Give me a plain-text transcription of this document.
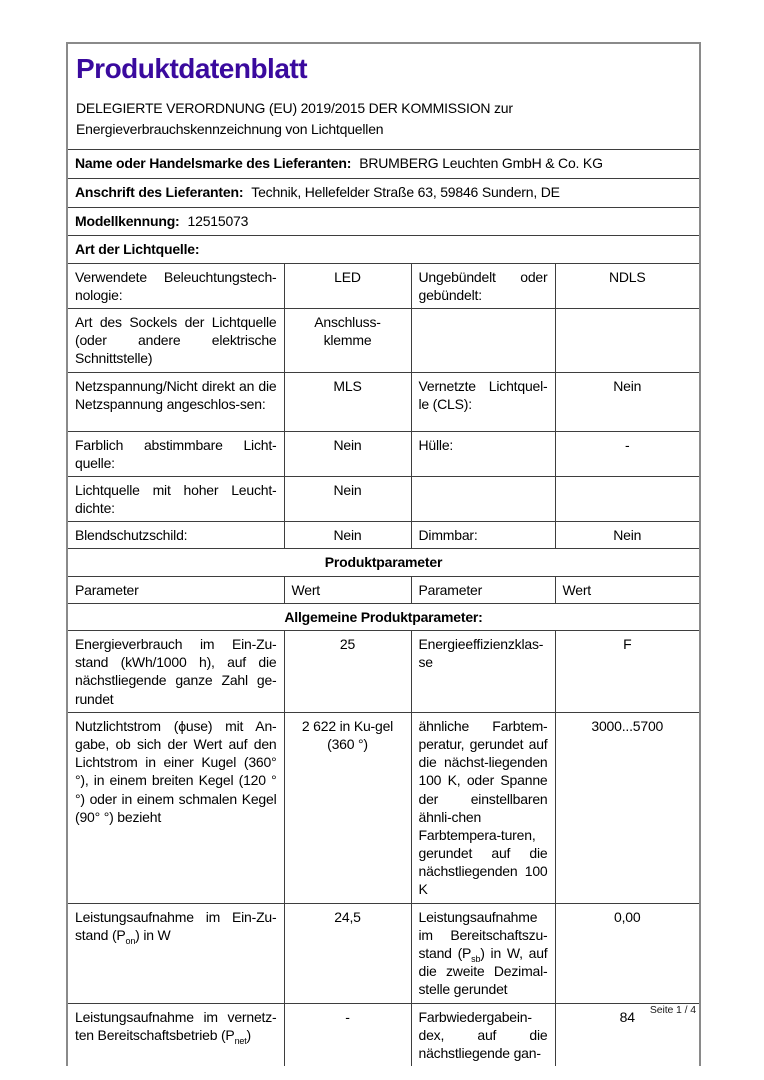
Produktdatenblatt
DELEGIERTE VERORDNUNG (EU) 2019/2015 DER KOMMISSION zur Energieverbrauchskennzeichnung von Lichtquellen

Name oder Handelsmarke des Lieferanten: BRUMBERG Leuchten GmbH & Co. KG			
Anschrift des Lieferanten: Technik, Hellefelder Straße 63, 59846 Sundern, DE			
Modellkennung: 12515073			
Art der Lichtquelle:			
Verwendete Beleuchtungstech-nologie:	LED	Ungebündelt oder gebündelt:	NDLS
Art des Sockels der Lichtquelle (oder andere elektrische Schnittstelle)	Anschluss-klemme		
Netzspannung/Nicht direkt an die Netzspannung angeschlos-sen:	MLS	Vernetzte Lichtquel-le (CLS):	Nein
Farblich abstimmbare Licht-quelle:	Nein	Hülle:	-
Lichtquelle mit hoher Leucht-dichte:	Nein		
Blendschutzschild:	Nein	Dimmbar:	Nein
Produktparameter			
Parameter	Wert	Parameter	Wert
Allgemeine Produktparameter:			
Energieverbrauch im Ein-Zu-stand (kWh/1000 h), auf die nächstliegende ganze Zahl ge-rundet	25	Energieeffizienzklas-se	F
Nutzlichtstrom (ϕuse) mit An-gabe, ob sich der Wert auf den Lichtstrom in einer Kugel (360° °), in einem breiten Kegel (120 °°) oder in einem schmalen Kegel (90° °) bezieht	2 622 in Ku-gel (360 °)	ähnliche Farbtem-peratur, gerundet auf die nächst-liegenden 100 K, oder Spanne der einstellbaren ähnli-chen Farbtempera-turen, gerundet auf die nächstliegenden 100 K	3000...5700
Leistungsaufnahme im Ein-Zu-stand $(P_{on})$ in W	24,5	Leistungsaufnahme im Bereitschaftszu-stand $(P_{sb})$ in W, auf die zweite Dezimal-stelle gerundet	0,00
Leistungsaufnahme im vernetz-ten Bereitschaftsbetrieb $(P_{net})$	-	Farbwiedergabein-dex, auf die nächstliegende gan-	84 Seite 1 / 4
